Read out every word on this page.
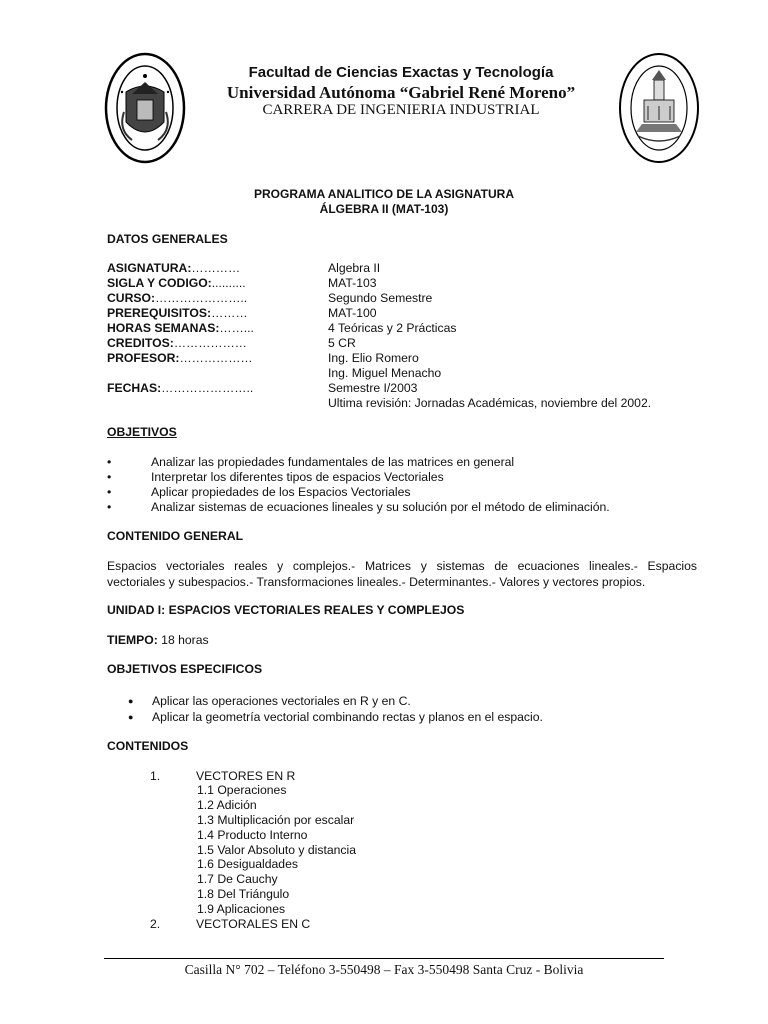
Facultad de Ciencias Exactas y Tecnología
Universidad Autónoma “Gabriel René Moreno”
CARRERA DE INGENIERIA INDUSTRIAL
PROGRAMA ANALITICO DE LA ASIGNATURA
ÁLGEBRA II (MAT-103)
DATOS GENERALES
ASIGNATURA:…………	Algebra II
SIGLA Y CODIGO:..........	MAT-103
CURSO:…………………..	Segundo Semestre
PREREQUISITOS:………	MAT-100
HORAS SEMANAS:……...	4 Teóricas y 2 Prácticas
CREDITOS:………………	5 CR
PROFESOR:………………	Ing. Elio Romero
Ing. Miguel Menacho
FECHAS:…………………..	Semestre I/2003
Ultima revisión: Jornadas Académicas, noviembre del 2002.
OBJETIVOS
•	Analizar las propiedades fundamentales de las matrices en general
•	Interpretar los diferentes tipos de espacios Vectoriales
•	Aplicar propiedades de los Espacios Vectoriales
•	Analizar sistemas de ecuaciones lineales y su solución por el método de eliminación.
CONTENIDO GENERAL
Espacios vectoriales reales y complejos.- Matrices y sistemas de ecuaciones lineales.- Espacios
vectoriales y subespacios.- Transformaciones lineales.- Determinantes.- Valores y vectores propios.
UNIDAD I: ESPACIOS VECTORIALES REALES Y COMPLEJOS
TIEMPO: 18 horas
OBJETIVOS ESPECIFICOS
● Aplicar las operaciones vectoriales en R y en C.
● Aplicar la geometría vectorial combinando rectas y planos en el espacio.
CONTENIDOS
1.	VECTORES EN R
1.1 Operaciones
1.2 Adición
1.3 Multiplicación por escalar
1.4 Producto Interno
1.5 Valor Absoluto y distancia
1.6 Desigualdades
1.7 De Cauchy
1.8 Del Triángulo
1.9 Aplicaciones
2.	VECTORALES EN C
Casilla N° 702 – Teléfono 3-550498 – Fax 3-550498 Santa Cruz - Bolivia
